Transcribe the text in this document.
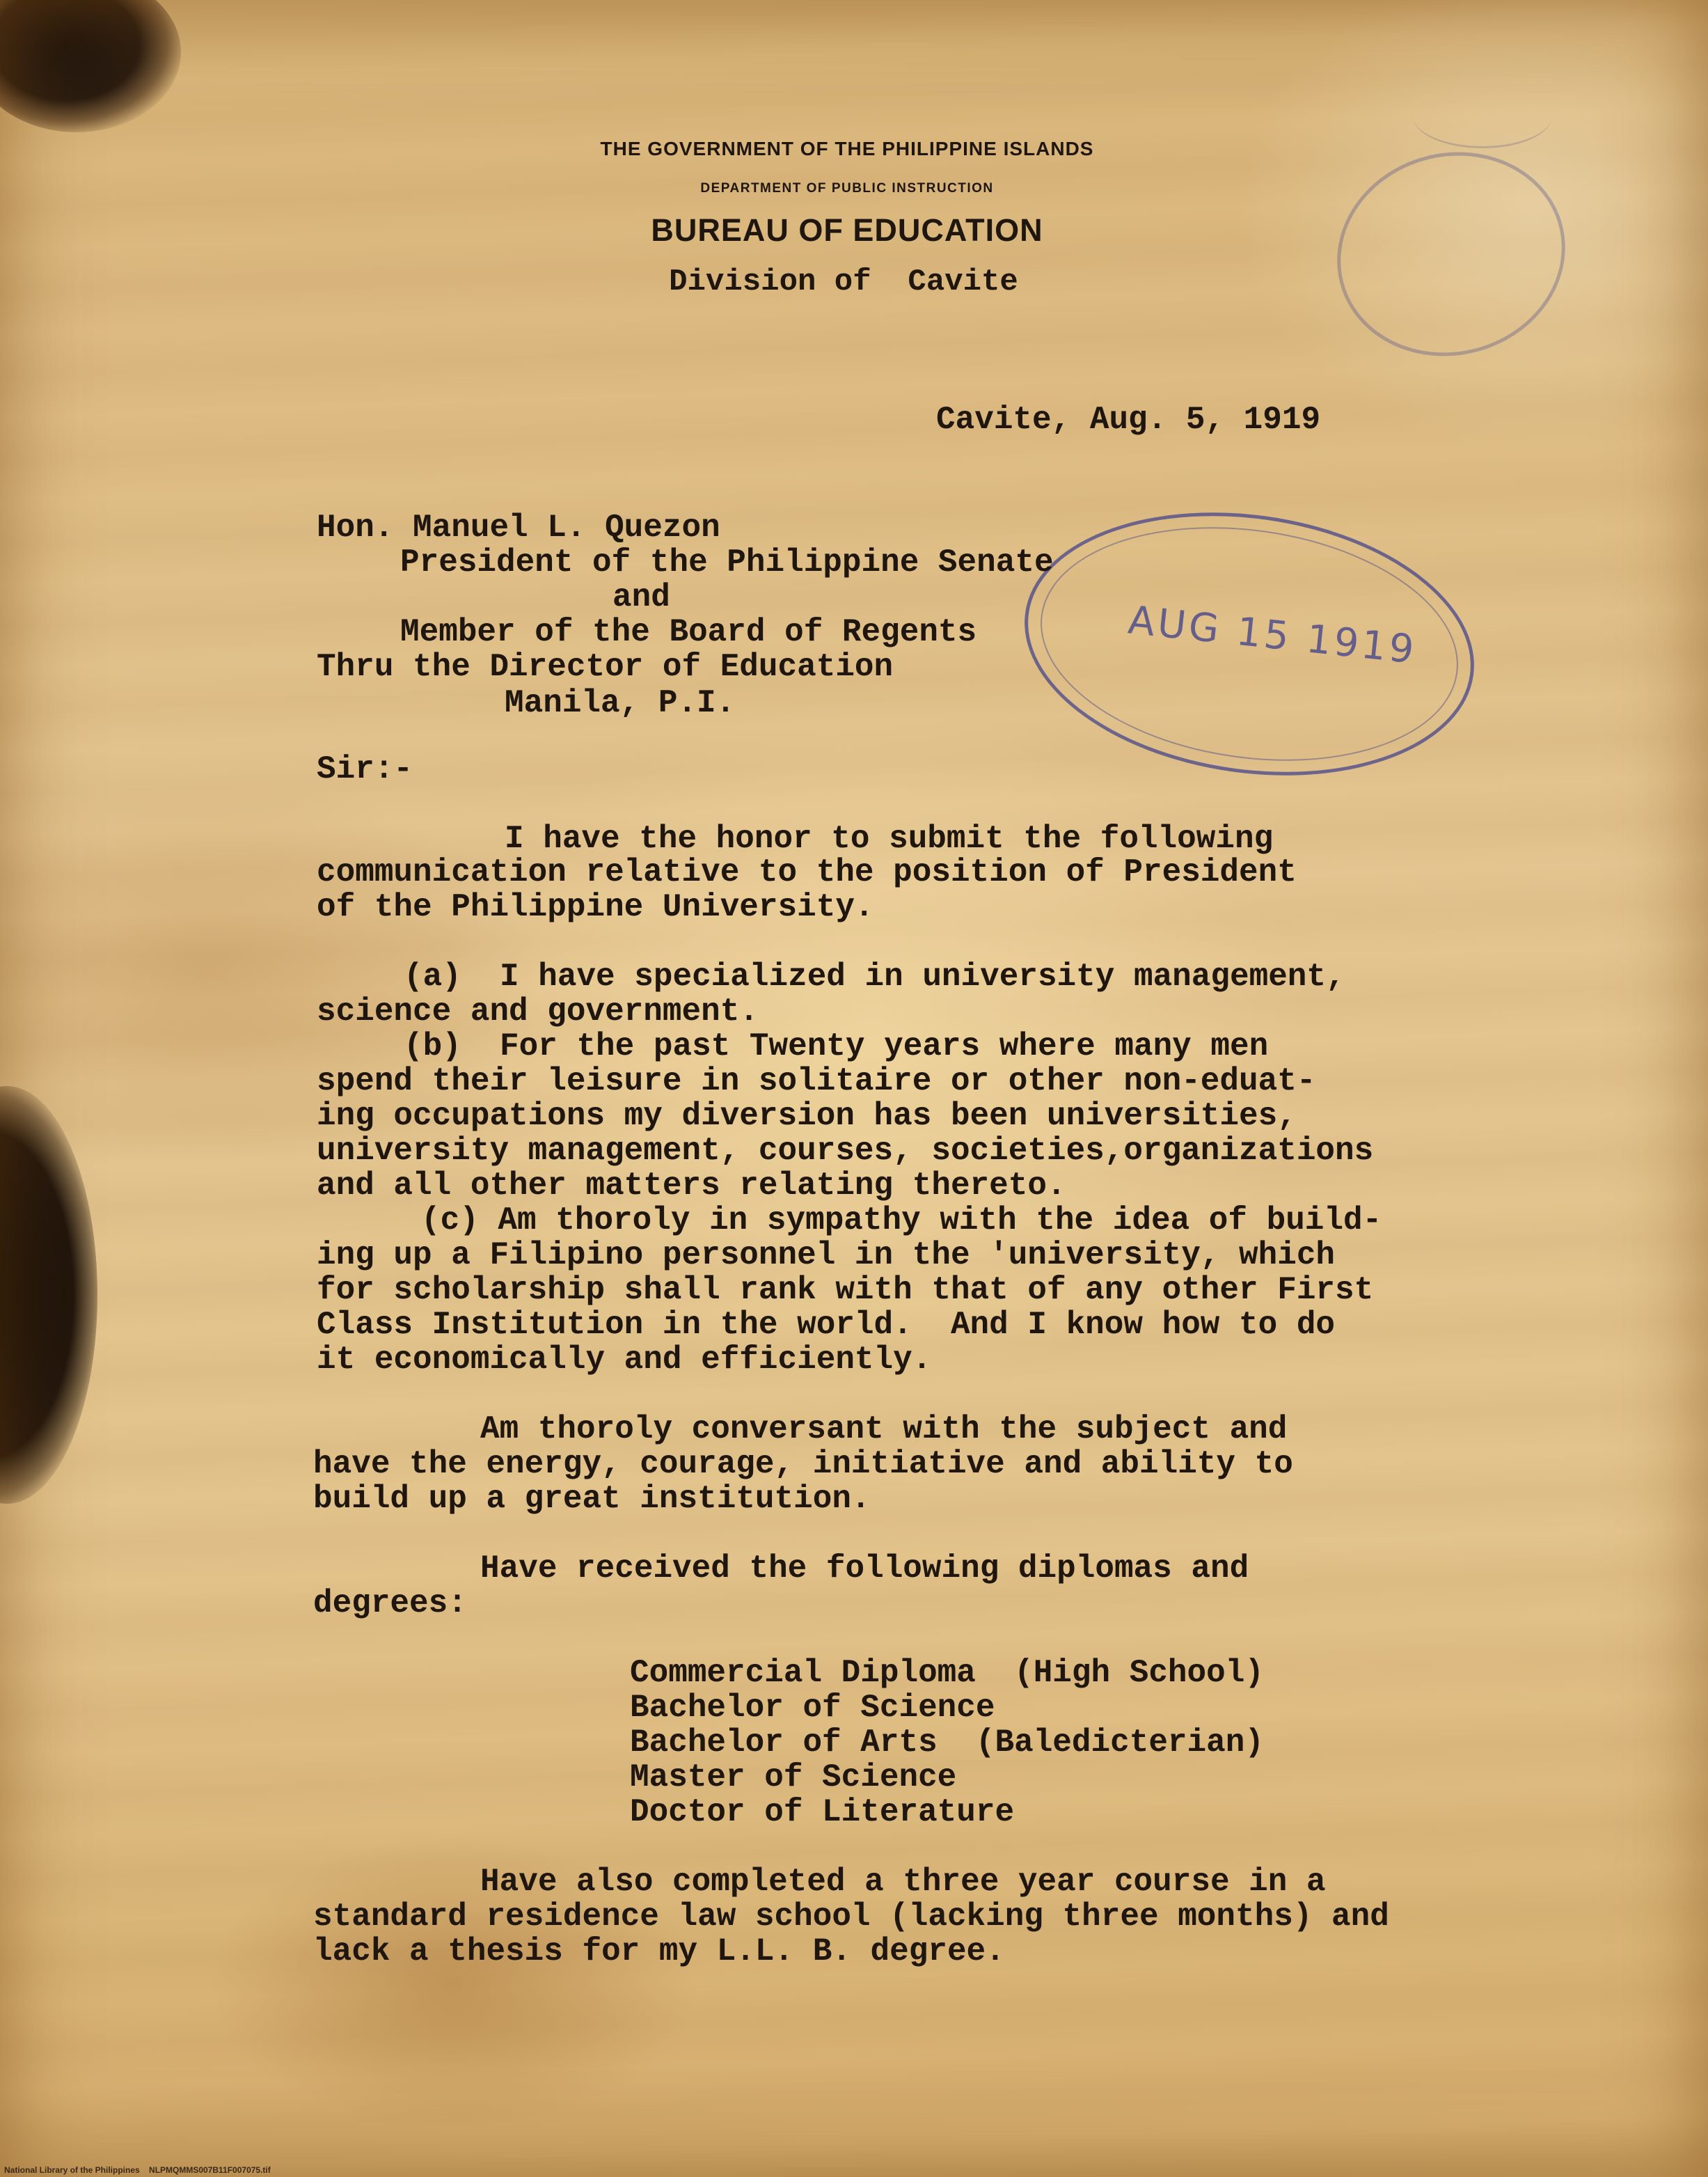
THE GOVERNMENT OF THE PHILIPPINE ISLANDS
DEPARTMENT OF PUBLIC INSTRUCTION
BUREAU OF EDUCATION
Division of  Cavite
AUG 15 1919
Cavite, Aug. 5, 1919
Hon. Manuel L. Quezon
President of the Philippine Senate
and
Member of the Board of Regents
Thru the Director of Education
Manila, P.I.
Sir:-
I have the honor to submit the following
communication relative to the position of President
of the Philippine University.
(a)  I have specialized in university management,
science and government.
(b)  For the past Twenty years where many men
spend their leisure in solitaire or other non-eduat-
ing occupations my diversion has been universities,
university management, courses, societies,organizations
and all other matters relating thereto.
(c) Am thoroly in sympathy with the idea of build-
ing up a Filipino personnel in the 'university, which
for scholarship shall rank with that of any other First
Class Institution in the world.  And I know how to do
it economically and efficiently.
Am thoroly conversant with the subject and
have the energy, courage, initiative and ability to
build up a great institution.
Have received the following diplomas and
degrees:
Commercial Diploma  (High School)
Bachelor of Science
Bachelor of Arts  (Baledicterian)
Master of Science
Doctor of Literature
Have also completed a three year course in a
standard residence law school (lacking three months) and
lack a thesis for my L.L. B. degree.
National Library of the Philippines    NLPMQMMS007B11F007075.tif
